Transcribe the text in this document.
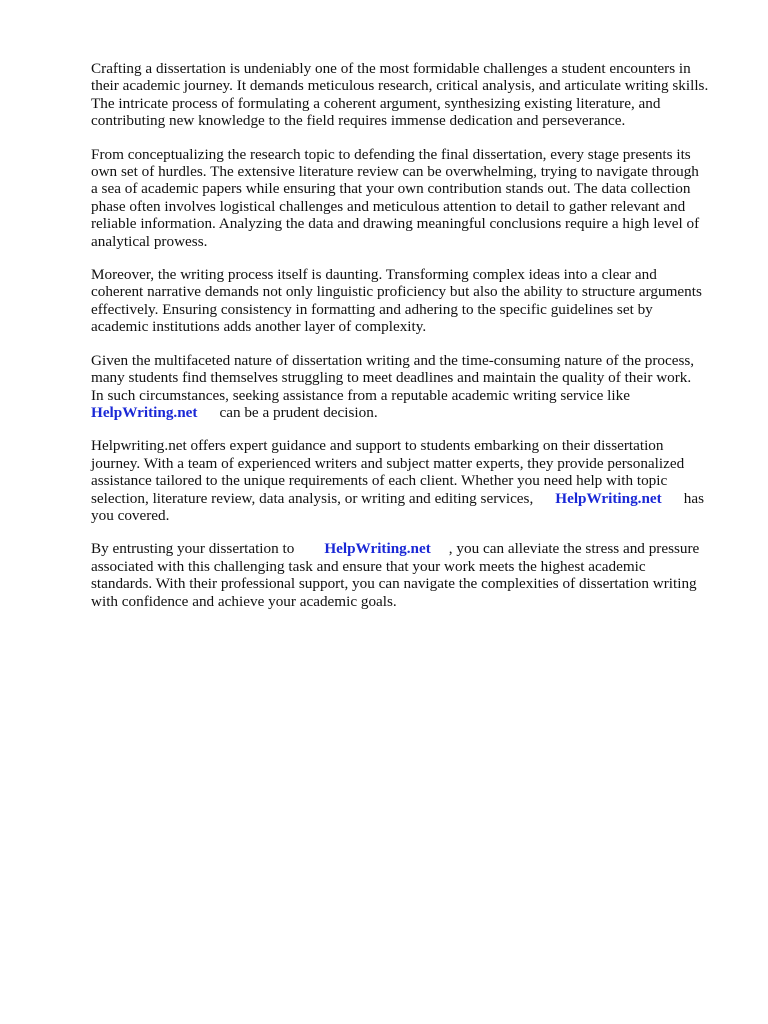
Crafting a dissertation is undeniably one of the most formidable challenges a student encounters in
their academic journey. It demands meticulous research, critical analysis, and articulate writing skills.
The intricate process of formulating a coherent argument, synthesizing existing literature, and
contributing new knowledge to the field requires immense dedication and perseverance.

From conceptualizing the research topic to defending the final dissertation, every stage presents its
own set of hurdles. The extensive literature review can be overwhelming, trying to navigate through
a sea of academic papers while ensuring that your own contribution stands out. The data collection
phase often involves logistical challenges and meticulous attention to detail to gather relevant and
reliable information. Analyzing the data and drawing meaningful conclusions require a high level of
analytical prowess.

Moreover, the writing process itself is daunting. Transforming complex ideas into a clear and
coherent narrative demands not only linguistic proficiency but also the ability to structure arguments
effectively. Ensuring consistency in formatting and adhering to the specific guidelines set by
academic institutions adds another layer of complexity.

Given the multifaceted nature of dissertation writing and the time-consuming nature of the process,
many students find themselves struggling to meet deadlines and maintain the quality of their work.
In such circumstances, seeking assistance from a reputable academic writing service like
HelpWriting.net can be a prudent decision.

Helpwriting.net offers expert guidance and support to students embarking on their dissertation
journey. With a team of experienced writers and subject matter experts, they provide personalized
assistance tailored to the unique requirements of each client. Whether you need help with topic
selection, literature review, data analysis, or writing and editing services, HelpWriting.net has
you covered.

By entrusting your dissertation to HelpWriting.net , you can alleviate the stress and pressure
associated with this challenging task and ensure that your work meets the highest academic
standards. With their professional support, you can navigate the complexities of dissertation writing
with confidence and achieve your academic goals.
